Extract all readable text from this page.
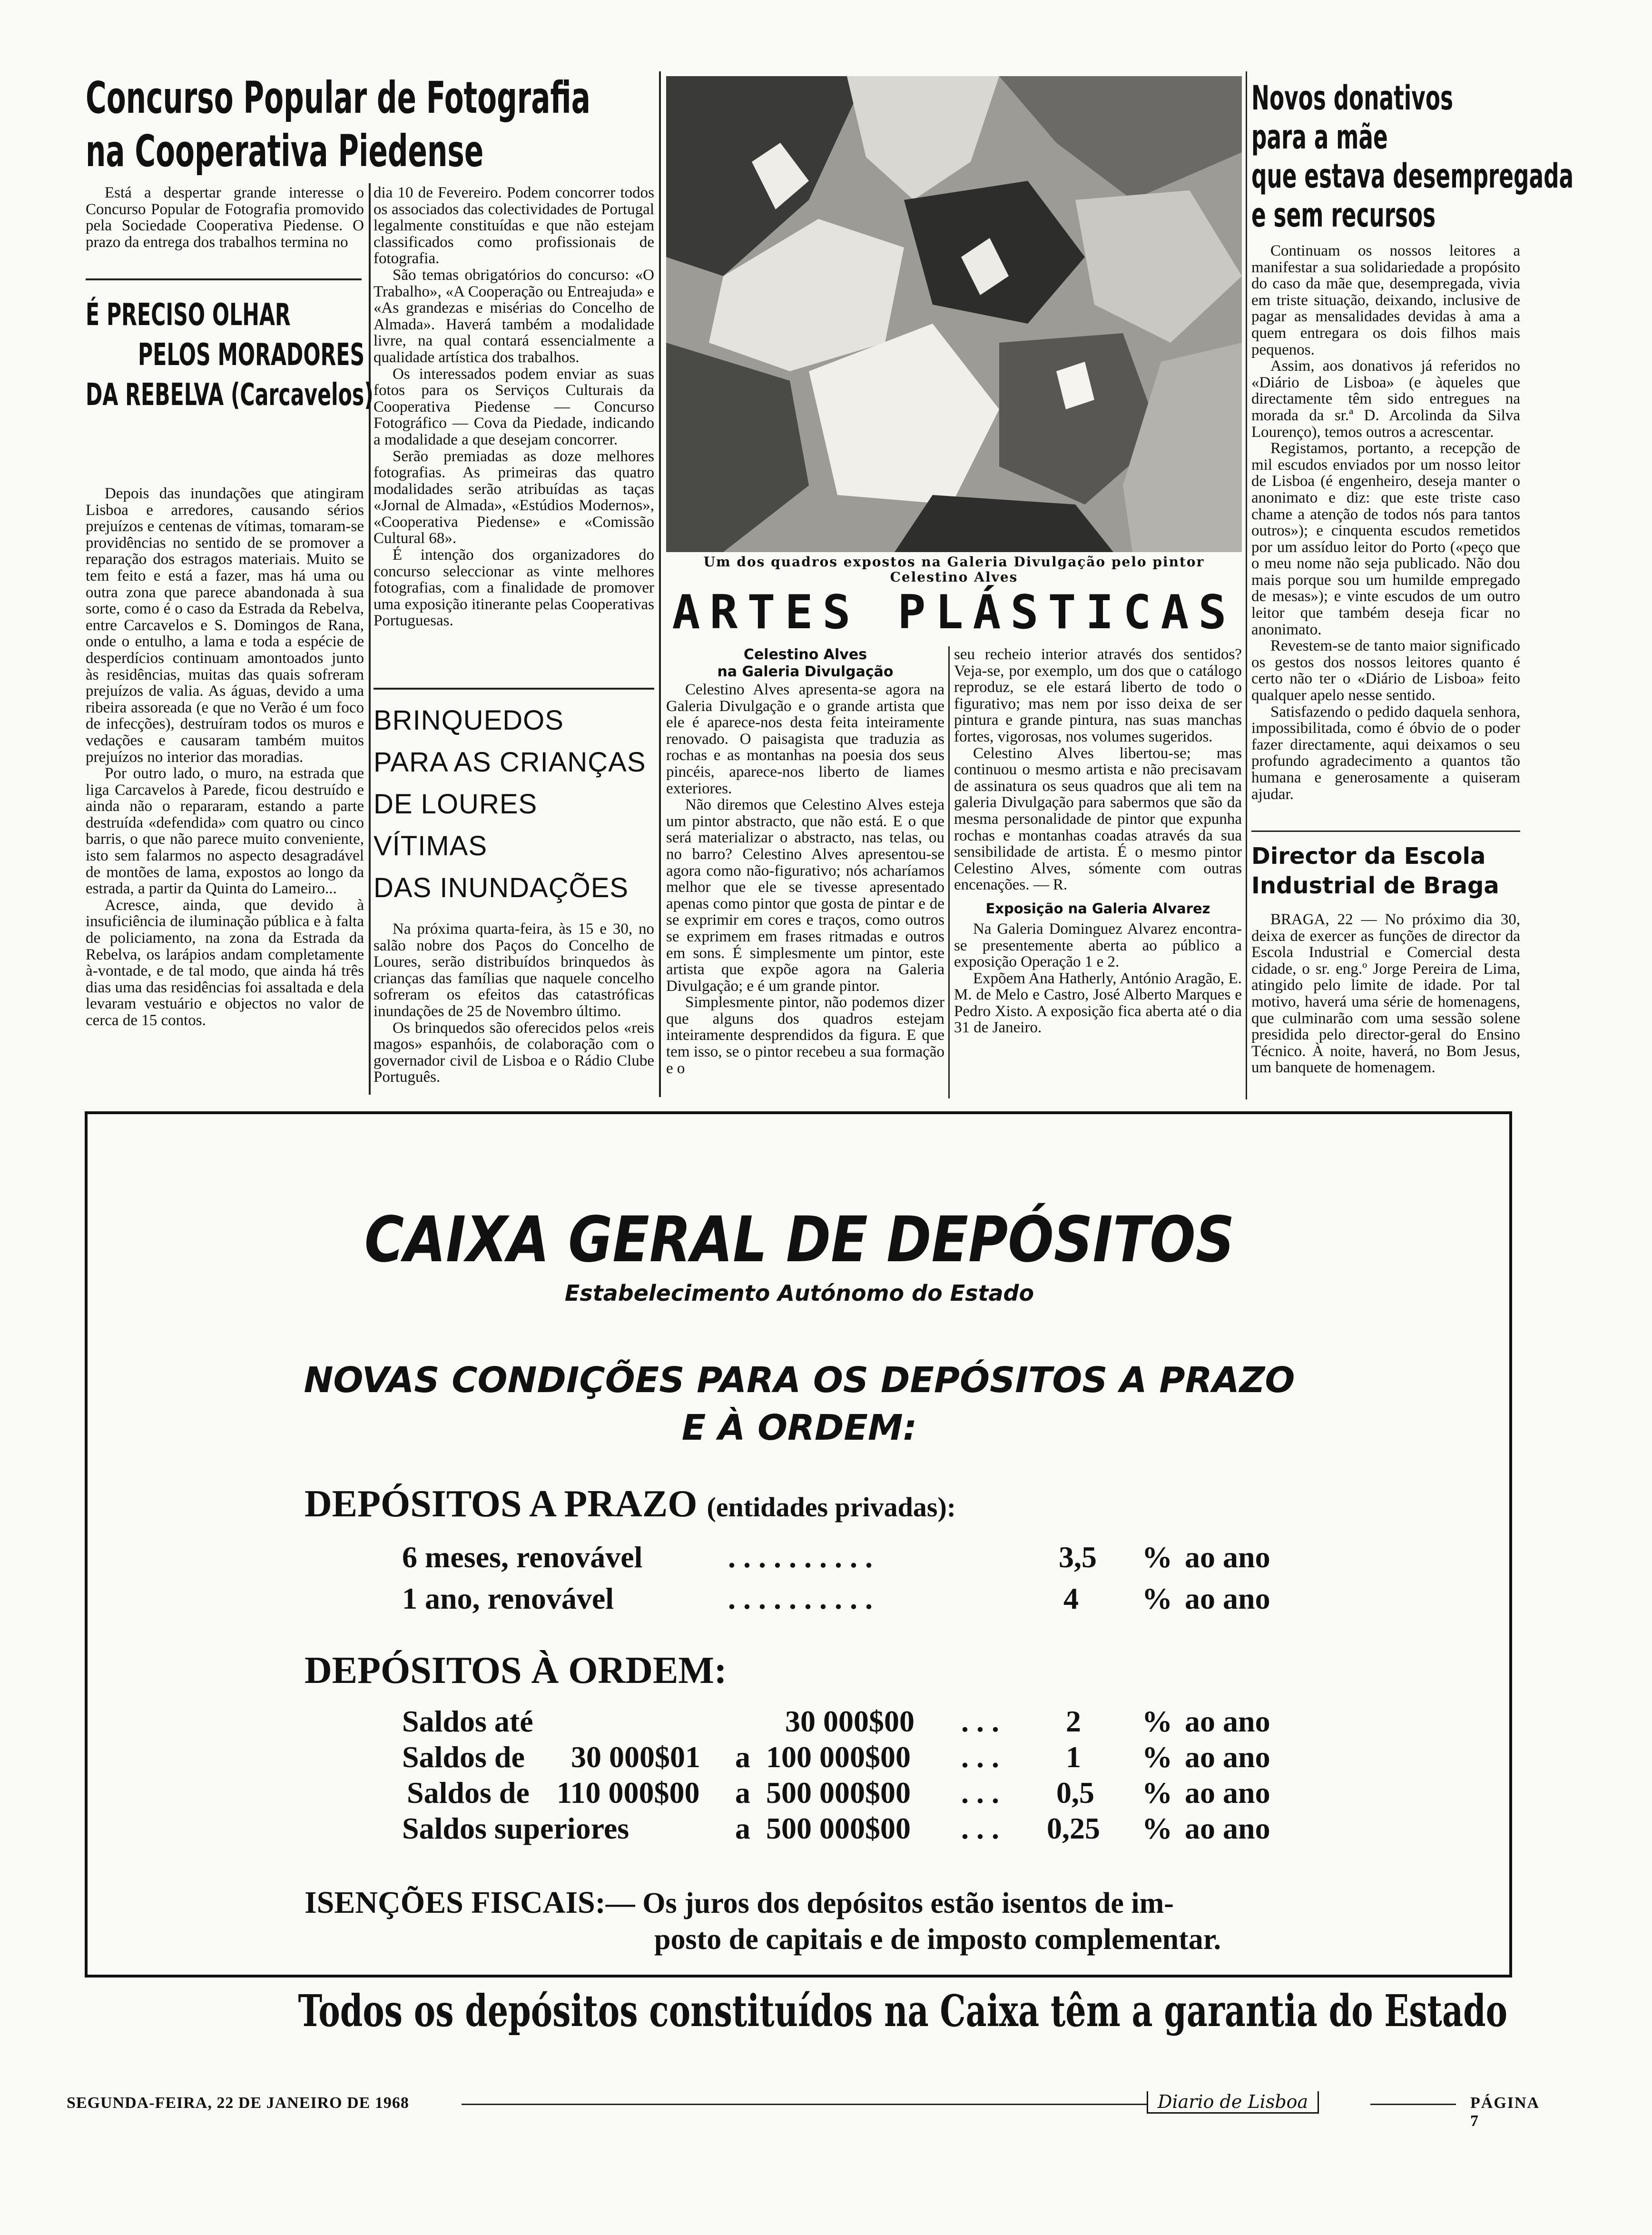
Concurso Popular de Fotografia
na Cooperativa Piedense

Está a despertar grande interesse o Concurso Popular de Fotografia promovido pela Sociedade Cooperativa Piedense. O prazo da entrega dos trabalhos termina no

dia 10 de Fevereiro. Podem concorrer todos os associados das colectividades de Portugal legalmente constituídas e que não estejam classificados como profissionais de fotografia.

São temas obrigatórios do concurso: «O Trabalho», «A Cooperação ou Entreajuda» e «As grandezas e misérias do Concelho de Almada». Haverá também a modalidade livre, na qual contará essencialmente a qualidade artística dos trabalhos.

Os interessados podem enviar as suas fotos para os Serviços Culturais da Cooperativa Piedense — Concurso Fotográfico — Cova da Piedade, indicando a modalidade a que desejam concorrer.

Serão premiadas as doze melhores fotografias. As primeiras das quatro modalidades serão atribuídas as taças «Jornal de Almada», «Estúdios Modernos», «Cooperativa Piedense» e «Comissão Cultural 68».

É intenção dos organizadores do concurso seleccionar as vinte melhores fotografias, com a finalidade de promover uma exposição itinerante pelas Cooperativas Portuguesas.

É PRECISO OLHAR
PELOS MORADORES
DA REBELVA (Carcavelos)

Depois das inundações que atingiram Lisboa e arredores, causando sérios prejuízos e centenas de vítimas, tomaram-se providências no sentido de se promover a reparação dos estragos materiais. Muito se tem feito e está a fazer, mas há uma ou outra zona que parece abandonada à sua sorte, como é o caso da Estrada da Rebelva, entre Carcavelos e S. Domingos de Rana, onde o entulho, a lama e toda a espécie de desperdícios continuam amontoados junto às residências, muitas das quais sofreram prejuízos de valia. As águas, devido a uma ribeira assoreada (e que no Verão é um foco de infecções), destruíram todos os muros e vedações e causaram também muitos prejuízos no interior das moradias.

Por outro lado, o muro, na estrada que liga Carcavelos à Parede, ficou destruído e ainda não o repararam, estando a parte destruída «defendida» com quatro ou cinco barris, o que não parece muito conveniente, isto sem falarmos no aspecto desagradável de montões de lama, expostos ao longo da estrada, a partir da Quinta do Lameiro...

Acresce, ainda, que devido à insuficiência de iluminação pública e à falta de policiamento, na zona da Estrada da Rebelva, os larápios andam completamente à-vontade, e de tal modo, que ainda há três dias uma das residências foi assaltada e dela levaram vestuário e objectos no valor de cerca de 15 contos.

BRINQUEDOS
PARA AS CRIANÇAS
DE LOURES
VÍTIMAS
DAS INUNDAÇÕES

Na próxima quarta-feira, às 15 e 30, no salão nobre dos Paços do Concelho de Loures, serão distribuídos brinquedos às crianças das famílias que naquele concelho sofreram os efeitos das catastróficas inundações de 25 de Novembro último.

Os brinquedos são oferecidos pelos «reis magos» espanhóis, de colaboração com o governador civil de Lisboa e o Rádio Clube Português.

Um dos quadros expostos na Galeria Divulgação pelo pintor Celestino Alves
ARTES PLÁSTICAS
Celestino Alves
na Galeria Divulgação

Celestino Alves apresenta-se agora na Galeria Divulgação e o grande artista que ele é aparece-nos desta feita inteiramente renovado. O paisagista que traduzia as rochas e as montanhas na poesia dos seus pincéis, aparece-nos liberto de liames exteriores.

Não diremos que Celestino Alves esteja um pintor abstracto, que não está. E o que será materializar o abstracto, nas telas, ou no barro? Celestino Alves apresentou-se agora como não-figurativo; nós acharíamos melhor que ele se tivesse apresentado apenas como pintor que gosta de pintar e de se exprimir em cores e traços, como outros se exprimem em frases ritmadas e outros em sons. É simplesmente um pintor, este artista que expõe agora na Galeria Divulgação; e é um grande pintor.

Simplesmente pintor, não podemos dizer que alguns dos quadros estejam inteiramente desprendidos da figura. E que tem isso, se o pintor recebeu a sua formação e o

seu recheio interior através dos sentidos? Veja-se, por exemplo, um dos que o catálogo reproduz, se ele estará liberto de todo o figurativo; mas nem por isso deixa de ser pintura e grande pintura, nas suas manchas fortes, vigorosas, nos volumes sugeridos.

Celestino Alves libertou-se; mas continuou o mesmo artista e não precisavam de assinatura os seus quadros que ali tem na galeria Divulgação para sabermos que são da mesma personalidade de pintor que expunha rochas e montanhas coadas através da sua sensibilidade de artista. É o mesmo pintor Celestino Alves, sómente com outras encenações. — R.

Exposição na Galeria Alvarez

Na Galeria Dominguez Alvarez encontra-se presentemente aberta ao público a exposição Operação 1 e 2.

Expõem Ana Hatherly, António Aragão, E. M. de Melo e Castro, José Alberto Marques e Pedro Xisto. A exposição fica aberta até o dia 31 de Janeiro.

Novos donativos
para a mãe
que estava desempregada
e sem recursos

Continuam os nossos leitores a manifestar a sua solidariedade a propósito do caso da mãe que, desempregada, vivia em triste situação, deixando, inclusive de pagar as mensalidades devidas à ama a quem entregara os dois filhos mais pequenos.

Assim, aos donativos já referidos no «Diário de Lisboa» (e àqueles que directamente têm sido entregues na morada da sr.ª D. Arcolinda da Silva Lourenço), temos outros a acrescentar.

Registamos, portanto, a recepção de mil escudos enviados por um nosso leitor de Lisboa (é engenheiro, deseja manter o anonimato e diz: que este triste caso chame a atenção de todos nós para tantos outros»); e cinquenta escudos remetidos por um assíduo leitor do Porto («peço que o meu nome não seja publicado. Não dou mais porque sou um humilde empregado de mesas»); e vinte escudos de um outro leitor que também deseja ficar no anonimato.

Revestem-se de tanto maior significado os gestos dos nossos leitores quanto é certo não ter o «Diário de Lisboa» feito qualquer apelo nesse sentido.

Satisfazendo o pedido daquela senhora, impossibilitada, como é óbvio de o poder fazer directamente, aqui deixamos o seu profundo agradecimento a quantos tão humana e generosamente a quiseram ajudar.

Director da Escola
Industrial de Braga

BRAGA, 22 — No próximo dia 30, deixa de exercer as funções de director da Escola Industrial e Comercial desta cidade, o sr. eng.º Jorge Pereira de Lima, atingido pelo limite de idade. Por tal motivo, haverá uma série de homenagens, que culminarão com uma sessão solene presidida pelo director-geral do Ensino Técnico. À noite, haverá, no Bom Jesus, um banquete de homenagem.

CAIXA GERAL DE DEPÓSITOS
Estabelecimento Autónomo do Estado
NOVAS CONDIÇÕES PARA OS DEPÓSITOS A PRAZO
E À ORDEM:
DEPÓSITOS A PRAZO (entidades privadas):
6 meses, renovável	. . . . . . . . . .	3,5 % ao ano
1 ano, renovável	. . . . . . . . . .	4 % ao ano
DEPÓSITOS À ORDEM:
Saldos até	30 000$00 . . . 2 % ao ano
Saldos de 30 000$01 a 100 000$00 . . . 1 % ao ano
Saldos de 110 000$00 a 500 000$00 . . . 0,5 % ao ano
Saldos superiores	a 500 000$00 . . . 0,25 % ao ano
ISENÇÕES FISCAIS:— Os juros dos depósitos estão isentos de im-
posto de capitais e de imposto complementar.
Todos os depósitos constituídos na Caixa têm a garantia do Estado
SEGUNDA-FEIRA, 22 DE JANEIRO DE 1968	Diario de Lisboa	PÁGINA 7
